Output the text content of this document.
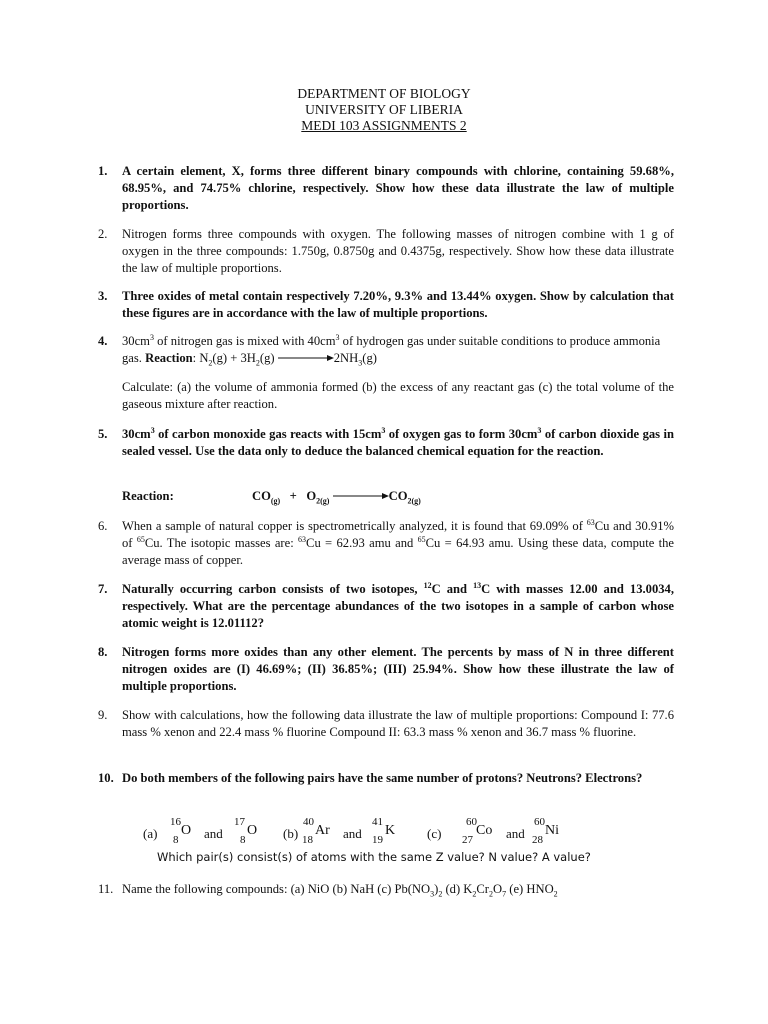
DEPARTMENT OF BIOLOGY
UNIVERSITY OF LIBERIA
MEDI 103 ASSIGNMENTS 2
1.	A certain element, X, forms three different binary compounds with chlorine, containing 59.68%, 68.95%, and 74.75% chlorine, respectively. Show how these data illustrate the law of multiple proportions.
2.	Nitrogen forms three compounds with oxygen. The following masses of nitrogen combine with 1 g of oxygen in the three compounds: 1.750g, 0.8750g and 0.4375g, respectively. Show how these data illustrate the law of multiple proportions.
3.	Three oxides of metal contain respectively 7.20%, 9.3% and 13.44% oxygen. Show by calculation that these figures are in accordance with the law of multiple proportions.
4.	$30cm^3$ of nitrogen gas is mixed with $40cm^3$ of hydrogen gas under suitable conditions to produce ammonia gas. Reaction: $N_2(g) + 3H_2(g)$	$2NH_3(g)$
Calculate: (a) the volume of ammonia formed (b) the excess of any reactant gas (c) the total volume of the gaseous mixture after reaction.
5.	$30cm^3$ of carbon monoxide gas reacts with $15cm^3$ of oxygen gas to form $30cm^3$ of carbon dioxide gas in sealed vessel. Use the data only to deduce the balanced chemical equation for the reaction.
Reaction:	$CO_{(g)} + O_{2(g)}$	$CO_{2(g)}$
6.	When a sample of natural copper is spectrometrically analyzed, it is found that 69.09% of $^{63}$Cu and 30.91% of $^{65}$Cu. The isotopic masses are: $^{63}$Cu = 62.93 amu and $^{65}$Cu = 64.93 amu. Using these data, compute the average mass of copper.
7.	Naturally occurring carbon consists of two isotopes, $^{12}$C and $^{13}$C with masses 12.00 and 13.0034, respectively. What are the percentage abundances of the two isotopes in a sample of carbon whose atomic weight is 12.01112?
8.	Nitrogen forms more oxides than any other element. The percents by mass of N in three different nitrogen oxides are (I) 46.69%; (II) 36.85%; (III) 25.94%. Show how these illustrate the law of multiple proportions.
9.	Show with calculations, how the following data illustrate the law of multiple proportions: Compound I: 77.6 mass % xenon and 22.4 mass % fluorine Compound II: 63.3 mass % xenon and 36.7 mass % fluorine.
10. Do both members of the following pairs have the same number of protons? Neutrons? Electrons?
(a)
16
8
O and
17
8
O (b)
40
18
Ar and
41
19
K (c)
60
27
Co and
60
28
Ni
Which pair(s) consist(s) of atoms with the same Z value? N value? A value?
11. Name the following compounds: (a) NiO (b) NaH (c) $Pb(NO_3)_2$ (d) $K_2Cr_2O_7$ (e) $HNO_2$
